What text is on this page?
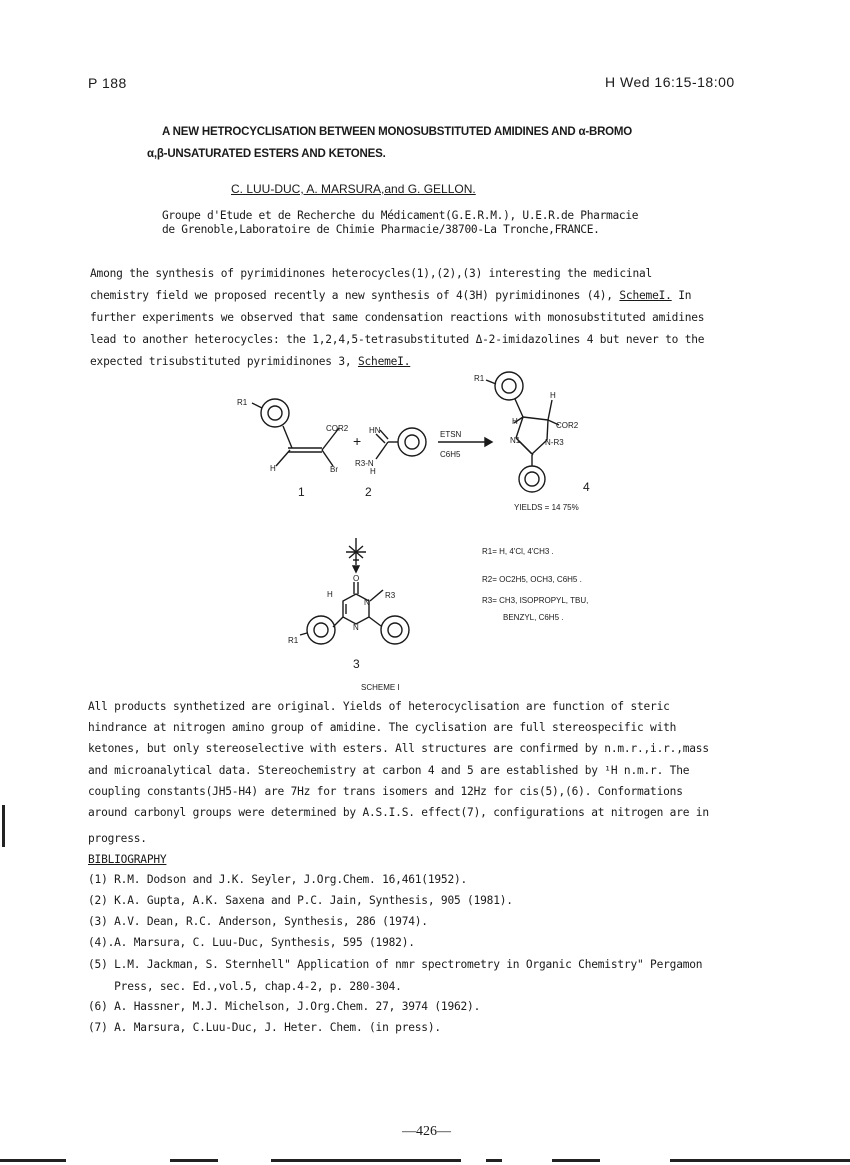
P 188	H Wed 16:15-18:00
A NEW HETROCYCLISATION BETWEEN MONOSUBSTITUTED AMIDINES AND α-BROMO
α,β-UNSATURATED ESTERS AND KETONES.
C. LUU-DUC, A. MARSURA,and G. GELLON.
Groupe d'Etude et de Recherche du Médicament(G.E.R.M.), U.E.R.de Pharmacie
de Grenoble,Laboratoire de Chimie Pharmacie/38700-La Tronche,FRANCE.
Among the synthesis of pyrimidinones heterocycles(1),(2),(3) interesting the medicinal
chemistry field we proposed recently a new synthesis of 4(3H) pyrimidinones (4), SchemeI. In
further experiments we observed that same condensation reactions with monosubstituted amidines
lead to another heterocycles: the 1,2,4,5-tetrasubstituted Δ-2-imidazolines 4 but never to the
expected trisubstituted pyrimidinones 3, SchemeI.
R1
COR2
H	Br
+
HN
R3-N
H
ETSN
C6H5
R1
H
H	COR2
N1	N-R3
YIELDS = 14 75%
O
H
N
N
R3
R1
R1= H, 4'Cl, 4'CH3 .
R2= OC2H5, OCH3, C6H5 .
R3= CH3, ISOPROPYL, TBU,
BENZYL, C6H5 .
SCHEME I
1	2	4
3
All products synthetized are original. Yields of heterocyclisation are function of steric
hindrance at nitrogen amino group of amidine. The cyclisation are full stereospecific with
ketones, but only stereoselective with esters. All structures are confirmed by n.m.r.,i.r.,mass
and microanalytical data. Stereochemistry at carbon 4 and 5 are established by ¹H n.m.r. The
coupling constants(JH5-H4) are 7Hz for trans isomers and 12Hz for cis(5),(6). Conformations
around carbonyl groups were determined by A.S.I.S. effect(7), configurations at nitrogen are in
progress.
BIBLIOGRAPHY
(1) R.M. Dodson and J.K. Seyler, J.Org.Chem. 16,461(1952).
(2) K.A. Gupta, A.K. Saxena and P.C. Jain, Synthesis, 905 (1981).
(3) A.V. Dean, R.C. Anderson, Synthesis, 286 (1974).
(4).A. Marsura, C. Luu-Duc, Synthesis, 595 (1982).
(5) L.M. Jackman, S. Sternhell" Application of nmr spectrometry in Organic Chemistry" Pergamon
Press, sec. Ed.,vol.5, chap.4-2, p. 280-304.
(6) A. Hassner, M.J. Michelson, J.Org.Chem. 27, 3974 (1962).
(7) A. Marsura, C.Luu-Duc, J. Heter. Chem. (in press).
—426—
